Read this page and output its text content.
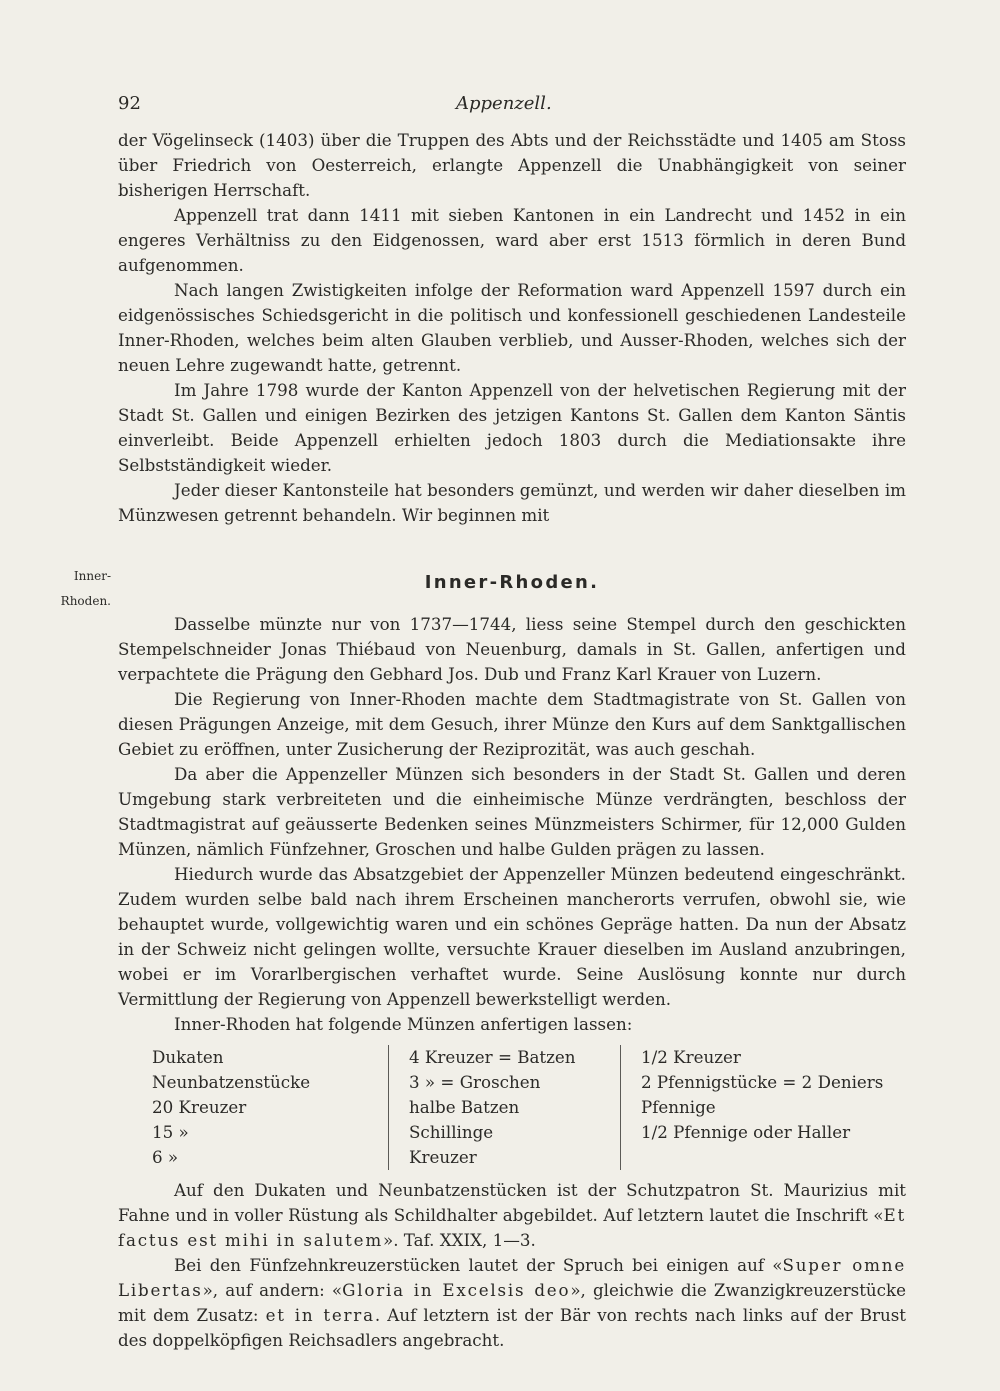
92	Appenzell.
Inner-
Rhoden.

der Vögelinseck (1403) über die Truppen des Abts und der Reichsstädte und 1405 am Stoss über Friedrich von Oesterreich, erlangte Appenzell die Unabhängigkeit von seiner bisherigen Herrschaft.

Appenzell trat dann 1411 mit sieben Kantonen in ein Landrecht und 1452 in ein engeres Verhältniss zu den Eidgenossen, ward aber erst 1513 förmlich in deren Bund aufgenommen.

Nach langen Zwistigkeiten infolge der Reformation ward Appenzell 1597 durch ein eidgenössisches Schiedsgericht in die politisch und konfessionell geschiedenen Landesteile Inner-Rhoden, welches beim alten Glauben verblieb, und Ausser-Rhoden, welches sich der neuen Lehre zugewandt hatte, getrennt.

Im Jahre 1798 wurde der Kanton Appenzell von der helvetischen Regierung mit der Stadt St. Gallen und einigen Bezirken des jetzigen Kantons St. Gallen dem Kanton Säntis einverleibt. Beide Appenzell erhielten jedoch 1803 durch die Mediationsakte ihre Selbstständigkeit wieder.

Jeder dieser Kantonsteile hat besonders gemünzt, und werden wir daher dieselben im Münzwesen getrennt behandeln. Wir beginnen mit

Inner-Rhoden.

Dasselbe münzte nur von 1737—1744, liess seine Stempel durch den geschickten Stempelschneider Jonas Thiébaud von Neuenburg, damals in St. Gallen, anfertigen und verpachtete die Prägung den Gebhard Jos. Dub und Franz Karl Krauer von Luzern.

Die Regierung von Inner-Rhoden machte dem Stadtmagistrate von St. Gallen von diesen Prägungen Anzeige, mit dem Gesuch, ihrer Münze den Kurs auf dem Sanktgallischen Gebiet zu eröffnen, unter Zusicherung der Reziprozität, was auch geschah.

Da aber die Appenzeller Münzen sich besonders in der Stadt St. Gallen und deren Umgebung stark verbreiteten und die einheimische Münze verdrängten, beschloss der Stadtmagistrat auf geäusserte Bedenken seines Münzmeisters Schirmer, für 12,000 Gulden Münzen, nämlich Fünfzehner, Groschen und halbe Gulden prägen zu lassen.

Hiedurch wurde das Absatzgebiet der Appenzeller Münzen bedeutend eingeschränkt. Zudem wurden selbe bald nach ihrem Erscheinen mancherorts verrufen, obwohl sie, wie behauptet wurde, vollgewichtig waren und ein schönes Gepräge hatten. Da nun der Absatz in der Schweiz nicht gelingen wollte, versuchte Krauer dieselben im Ausland anzubringen, wobei er im Vorarlbergischen verhaftet wurde. Seine Auslösung konnte nur durch Vermittlung der Regierung von Appenzell bewerkstelligt werden.

Inner-Rhoden hat folgende Münzen anfertigen lassen:

Dukaten
Neunbatzenstücke
20 Kreuzer
15 »
6 »
4 Kreuzer = Batzen
3 » = Groschen
halbe Batzen
Schillinge
Kreuzer
1/2 Kreuzer
2 Pfennigstücke = 2 Deniers
Pfennige
1/2 Pfennige oder Haller

Auf den Dukaten und Neunbatzenstücken ist der Schutzpatron St. Maurizius mit Fahne und in voller Rüstung als Schildhalter abgebildet. Auf letztern lautet die Inschrift «Et factus est mihi in salutem». Taf. XXIX, 1—3.

Bei den Fünfzehnkreuzerstücken lautet der Spruch bei einigen auf «Super omne Libertas», auf andern: «Gloria in Excelsis deo», gleichwie die Zwanzigkreuzerstücke mit dem Zusatz: et in terra. Auf letztern ist der Bär von rechts nach links auf der Brust des doppelköpfigen Reichsadlers angebracht.
